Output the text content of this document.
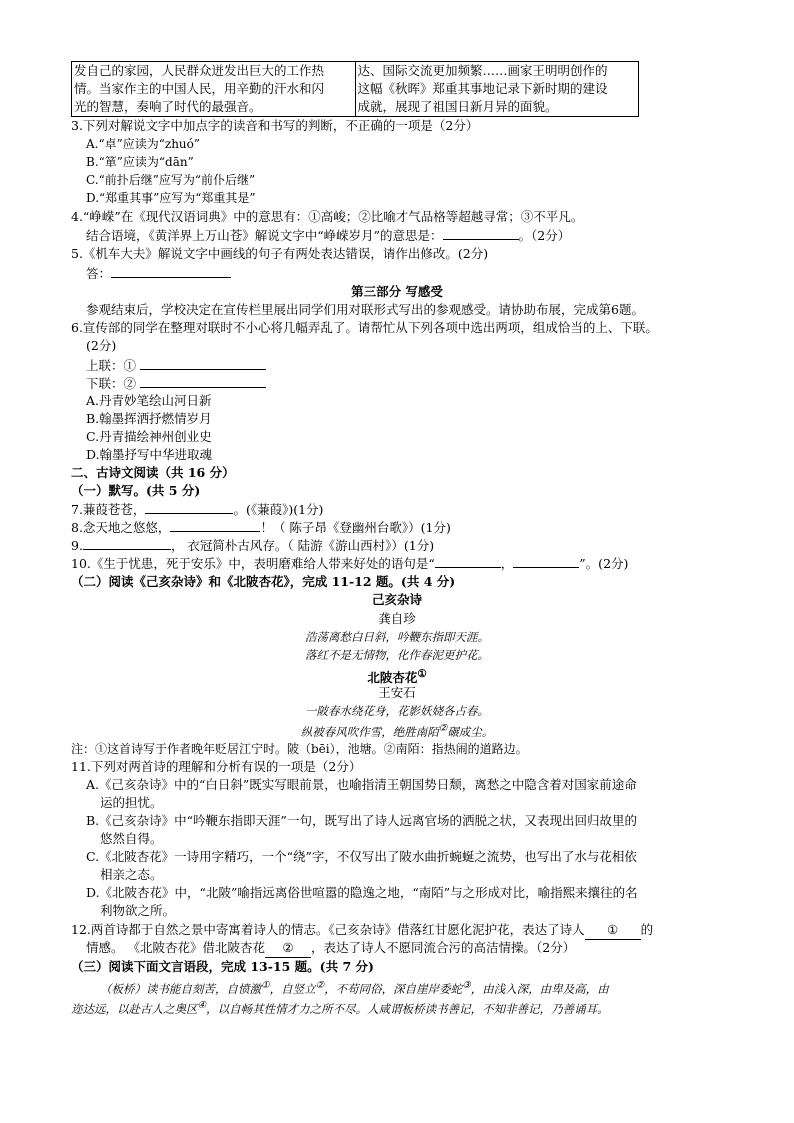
发自己的家园，人民群众迸发出巨大的工作热
情。当家作主的中国人民，用辛勤的汗水和闪
光的智慧，奏响了时代的最强音。

达、国际交流更加频繁……画家王明明创作的
这幅《秋晖》郑重其事地记录下新时期的建设
成就，展现了祖国日新月异的面貌。
3.下列对解说文字中加点字的读音和书写的判断，不正确的一项是（2分）
A.“卓”应读为“zhuó”
B.“箪”应读为“dān”
C.“前扑后继”应写为“前仆后继”
D.“郑重其事”应写为“郑重其是”
4.“峥嵘”在《现代汉语词典》中的意思有：①高峻；②比喻才气品格等超越寻常；③不平凡。
结合语境，《黄洋界上万山苍》解说文字中“峥嵘岁月”的意思是：	。（2分）
5.《机车大夫》解说文字中画线的句子有两处表达错误，请作出修改。(2分)
答：
第三部分 写感受
参观结束后，学校决定在宣传栏里展出同学们用对联形式写出的参观感受。请协助布展，完成第6题。
6.宣传部的同学在整理对联时不小心将几幅弄乱了。请帮忙从下列各项中选出两项，组成恰当的上、下联。
(2分)
上联：①
下联：②
A.丹青妙笔绘山河日新
B.翰墨挥洒抒燃情岁月
C.丹青描绘神州创业史
D.翰墨抒写中华进取魂
二、古诗文阅读（共 16 分）
（一）默写。(共 5 分)
7.蒹葭苍苍，	。(《蒹葭》)(1分)
8.念天地之悠悠，	！（ 陈子昂《登幽州台歌》）(1分)
9.	， 衣冠简朴古风存。（ 陆游《游山西村》）(1分)
10.《生于忧患，死于安乐》中，表明磨难给人带来好处的语句是“	，	”。(2分)
（二）阅读《己亥杂诗》和《北陂杏花》，完成 11-12 题。(共 4 分)
己亥杂诗
龚自珍
浩荡离愁白日斜，吟鞭东指即天涯。
落红不是无情物，化作春泥更护花。
北陂杏花①
王安石
一陂春水绕花身，花影妖娆各占春。
纵被春风吹作雪，绝胜南陌②碾成尘。
注：①这首诗写于作者晚年贬居江宁时。陂（bēi），池塘。②南陌：指热闹的道路边。
11.下列对两首诗的理解和分析有误的一项是（2分）
A.《己亥杂诗》中的“白日斜”既实写眼前景，也喻指清王朝国势日颓，离愁之中隐含着对国家前途命
运的担忧。
B.《己亥杂诗》中“吟鞭东指即天涯”一句，既写出了诗人远离官场的洒脱之状，又表现出回归故里的
悠然自得。
C.《北陂杏花》一诗用字精巧，一个“绕”字，不仅写出了陂水曲折蜿蜒之流势，也写出了水与花相依
相亲之态。
D.《北陂杏花》中，“北陂”喻指远离俗世喧嚣的隐逸之地，“南陌”与之形成对比，喻指熙来攘往的名
利物欲之所。
12.两首诗都于自然之景中寄寓着诗人的情志。《己亥杂诗》借落红甘愿化泥护花，表达了诗人 ① 的
情感。 《北陂杏花》借北陂杏花 ② ，表达了诗人不愿同流合污的高洁情操。（2分）
（三）阅读下面文言语段，完成 13-15 题。(共 7 分)
（板桥）读书能自刻苦，自愤激①，自竖立②，不苟同俗，深自崖岸委蛇③，由浅入深，由卑及高，由
迩达远，以赴古人之奥区④，以自畅其性情才力之所不尽。人咸谓板桥读书善记，不知非善记，乃善诵耳。
